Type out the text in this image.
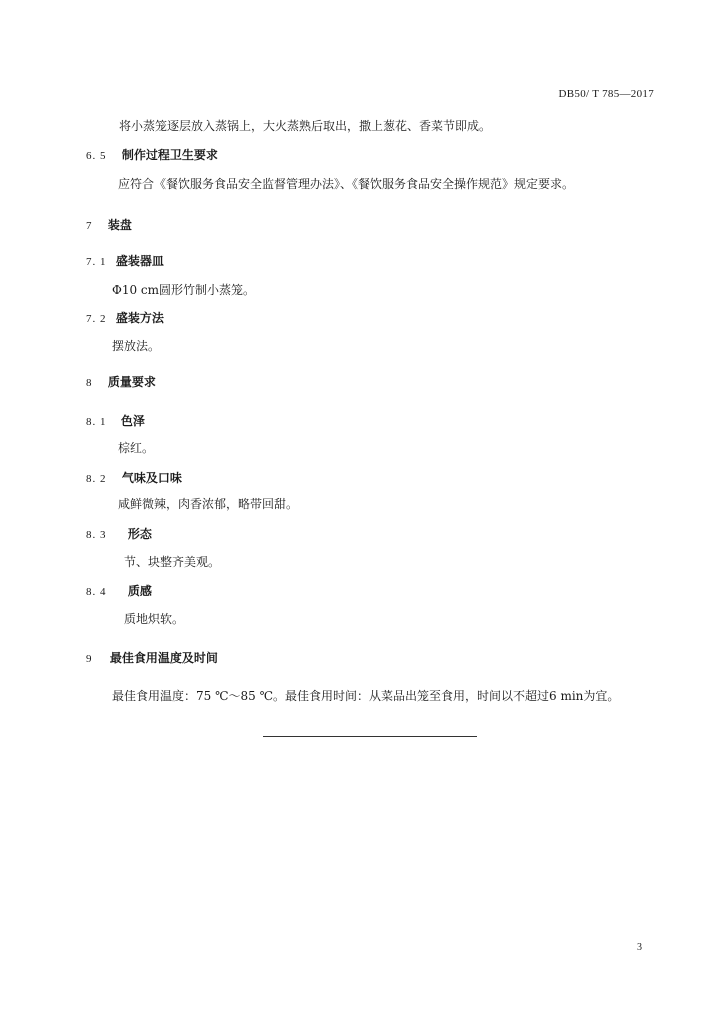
DB50/ T 785—2017
将小蒸笼逐层放入蒸锅上，大火蒸熟后取出，撒上葱花、香菜节即成。
6. 5 制作过程卫生要求
应符合《餐饮服务食品安全监督管理办法》、《餐饮服务食品安全操作规范》规定要求。
7 装盘
7. 1 盛装器皿
Φ10 cm圆形竹制小蒸笼。
7. 2 盛装方法
摆放法。
8 质量要求
8. 1 色泽
棕红。
8. 2 气味及口味
咸鲜微辣，肉香浓郁，略带回甜。
8. 3 形态
节、块整齐美观。
8. 4 质感
质地炽软。
9 最佳食用温度及时间
最佳食用温度：75 ℃～85 ℃。最佳食用时间：从菜品出笼至食用，时间以不超过6 min为宜。
3
